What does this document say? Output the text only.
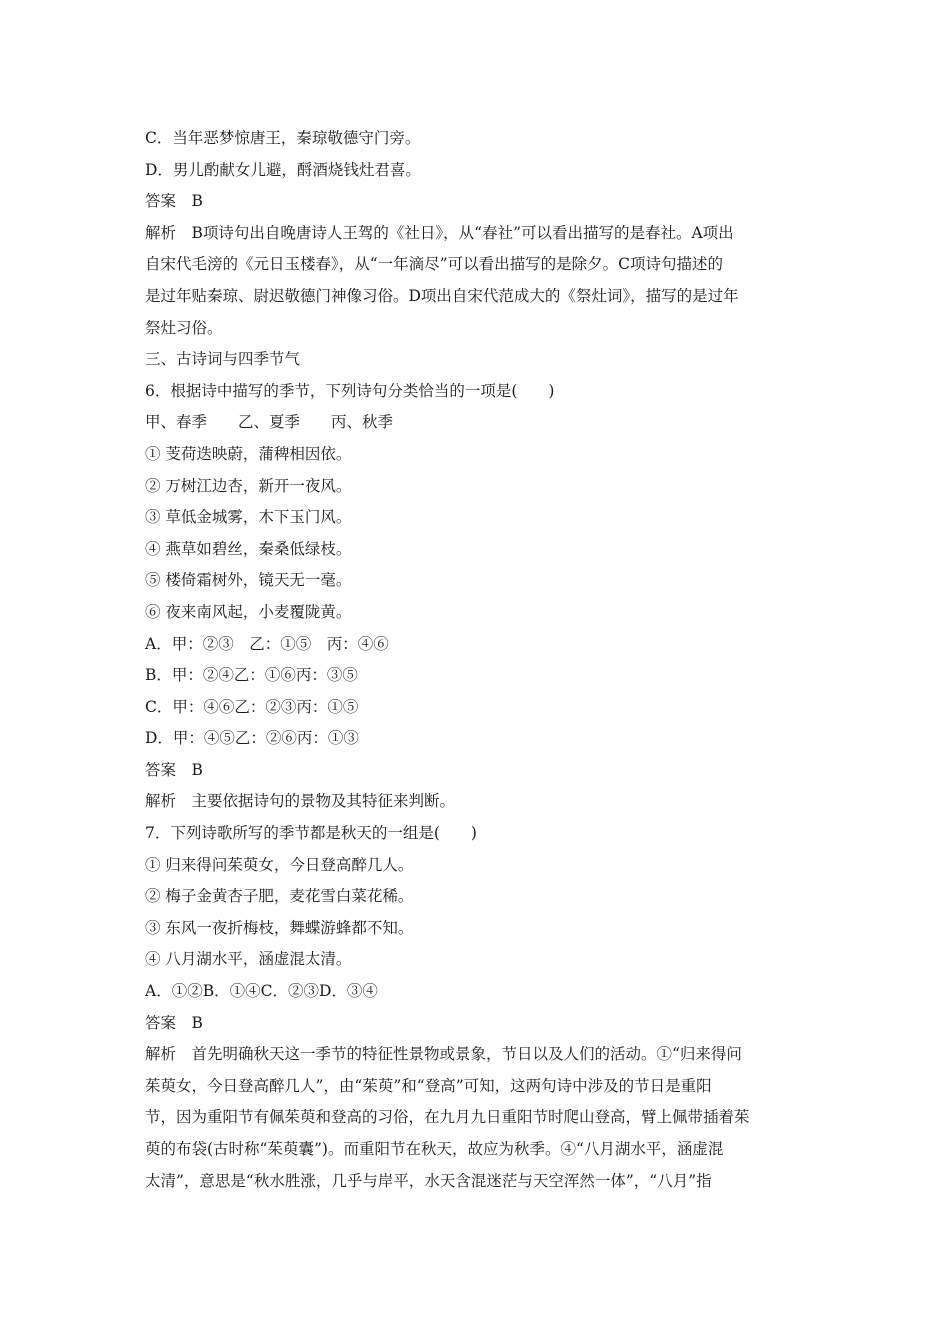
C．当年恶梦惊唐王，秦琼敬德守门旁。
D．男儿酌献女儿避，酹酒烧钱灶君喜。
答案　B
解析　B项诗句出自晚唐诗人王驾的《社日》，从“春社”可以看出描写的是春社。A项出
自宋代毛滂的《元日玉楼春》，从“一年滴尽”可以看出描写的是除夕。C项诗句描述的
是过年贴秦琼、尉迟敬德门神像习俗。D项出自宋代范成大的《祭灶词》，描写的是过年
祭灶习俗。
三、古诗词与四季节气
6．根据诗中描写的季节，下列诗句分类恰当的一项是(　　)
甲、春季　　乙、夏季　　丙、秋季
① 芰荷迭映蔚，蒲稗相因依。
② 万树江边杏，新开一夜风。
③ 草低金城雾，木下玉门风。
④ 燕草如碧丝，秦桑低绿枝。
⑤ 楼倚霜树外，镜天无一毫。
⑥ 夜来南风起，小麦覆陇黄。
A．甲：②③　乙：①⑤　丙：④⑥
B．甲：②④乙：①⑥丙：③⑤
C．甲：④⑥乙：②③丙：①⑤
D．甲：④⑤乙：②⑥丙：①③
答案　B
解析　主要依据诗句的景物及其特征来判断。
7．下列诗歌所写的季节都是秋天的一组是(　　)
① 归来得问茱萸女，今日登高醉几人。
② 梅子金黄杏子肥，麦花雪白菜花稀。
③ 东风一夜折梅枝，舞蝶游蜂都不知。
④ 八月湖水平，涵虚混太清。
A．①②B．①④C．②③D．③④
答案　B
解析　首先明确秋天这一季节的特征性景物或景象，节日以及人们的活动。①“归来得问
茱萸女，今日登高醉几人”，由“茱萸”和“登高”可知，这两句诗中涉及的节日是重阳
节，因为重阳节有佩茱萸和登高的习俗，在九月九日重阳节时爬山登高，臂上佩带插着茱
萸的布袋(古时称“茱萸囊”)。而重阳节在秋天，故应为秋季。④“八月湖水平，涵虚混
太清”，意思是“秋水胜涨，几乎与岸平，水天含混迷茫与天空浑然一体”，“八月”指
